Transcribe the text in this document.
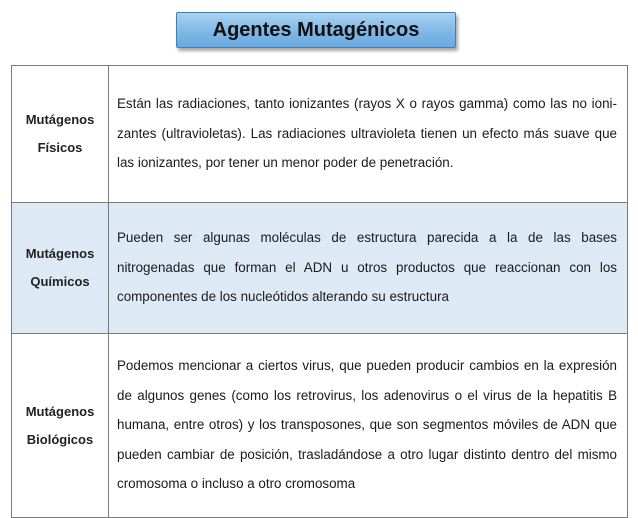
Agentes Mutagénicos
Mutágenos
Físicos	Están las radiaciones, tanto ionizantes (rayos X o rayos gamma) como las no ioni-zantes (ultravioletas). Las radiaciones ultravioleta tienen un efecto más suave que las ionizantes, por tener un menor poder de penetración.

Mutágenos
Químicos	Pueden ser algunas moléculas de estructura parecida a la de las bases nitrogenadas que forman el ADN u otros productos que reaccionan con los componentes de los nucleótidos alterando su estructura

Mutágenos
Biológicos	Podemos mencionar a ciertos virus, que pueden producir cambios en la expresión de algunos genes (como los retrovirus, los adenovirus o el virus de la hepatitis B humana, entre otros) y los transposones, que son segmentos móviles de ADN que pueden cambiar de posición, trasladándose a otro lugar distinto dentro del mismo cromosoma o incluso a otro cromosoma
